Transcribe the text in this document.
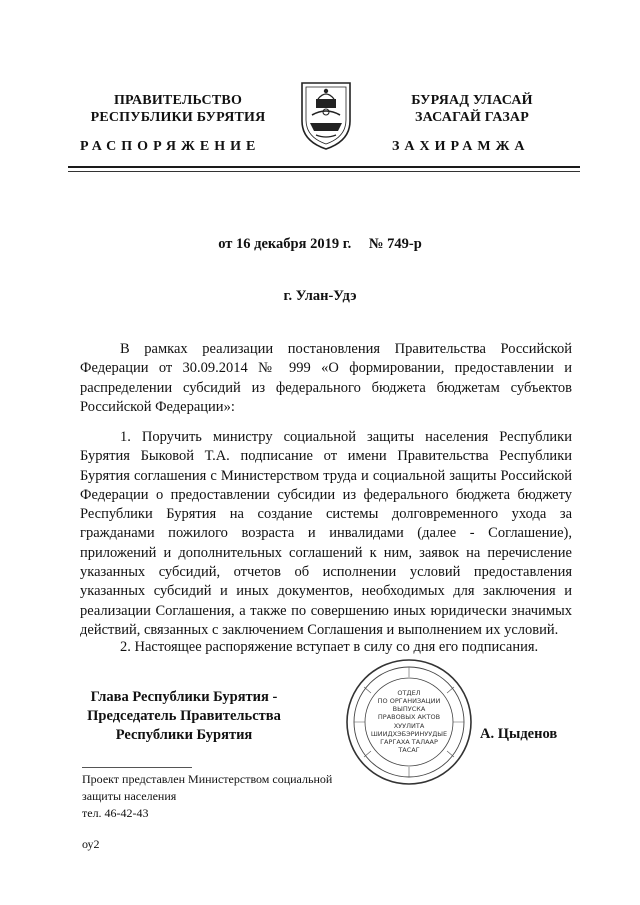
ПРАВИТЕЛЬСТВО
РЕСПУБЛИКИ БУРЯТИЯ
БУРЯАД УЛАСАЙ
ЗАСАГАЙ ГАЗАР
РАСПОРЯЖЕНИЕ	ЗАХИРАМЖА
от 16 декабря 2019 г. № 749-р
г. Улан-Удэ
В рамках реализации постановления Правительства Российской Федерации от 30.09.2014 № 999 «О формировании, предоставлении и распределении субсидий из федерального бюджета бюджетам субъектов Российской Федерации»:
1. Поручить министру социальной защиты населения Республики Бурятия Быковой Т.А. подписание от имени Правительства Республики Бурятия соглашения с Министерством труда и социальной защиты Российской Федерации о предоставлении субсидии из федерального бюджета бюджету Республики Бурятия на создание системы долговременного ухода за гражданами пожилого возраста и инвалидами (далее - Соглашение), приложений и дополнительных соглашений к ним, заявок на перечисление указанных субсидий, отчетов об исполнении условий предоставления указанных субсидий и иных документов, необходимых для заключения и реализации Соглашения, а также по совершению иных юридически значимых действий, связанных с заключением Соглашения и выполнением их условий.
2. Настоящее распоряжение вступает в силу со дня его подписания.
Глава Республики Бурятия -
Председатель Правительства
Республики Бурятия
ОТДЕЛ
ПО ОРГАНИЗАЦИИ
ВЫПУСКА
ПРАВОВЫХ АКТОВ
ХУУЛИТА
ШИИДХЭБЭРИНУУДЫЕ
ГАРГАХА ТАЛААР
ТАСАГ
А. Цыденов
Проект представлен Министерством социальной
защиты населения
тел. 46-42-43
оу2
